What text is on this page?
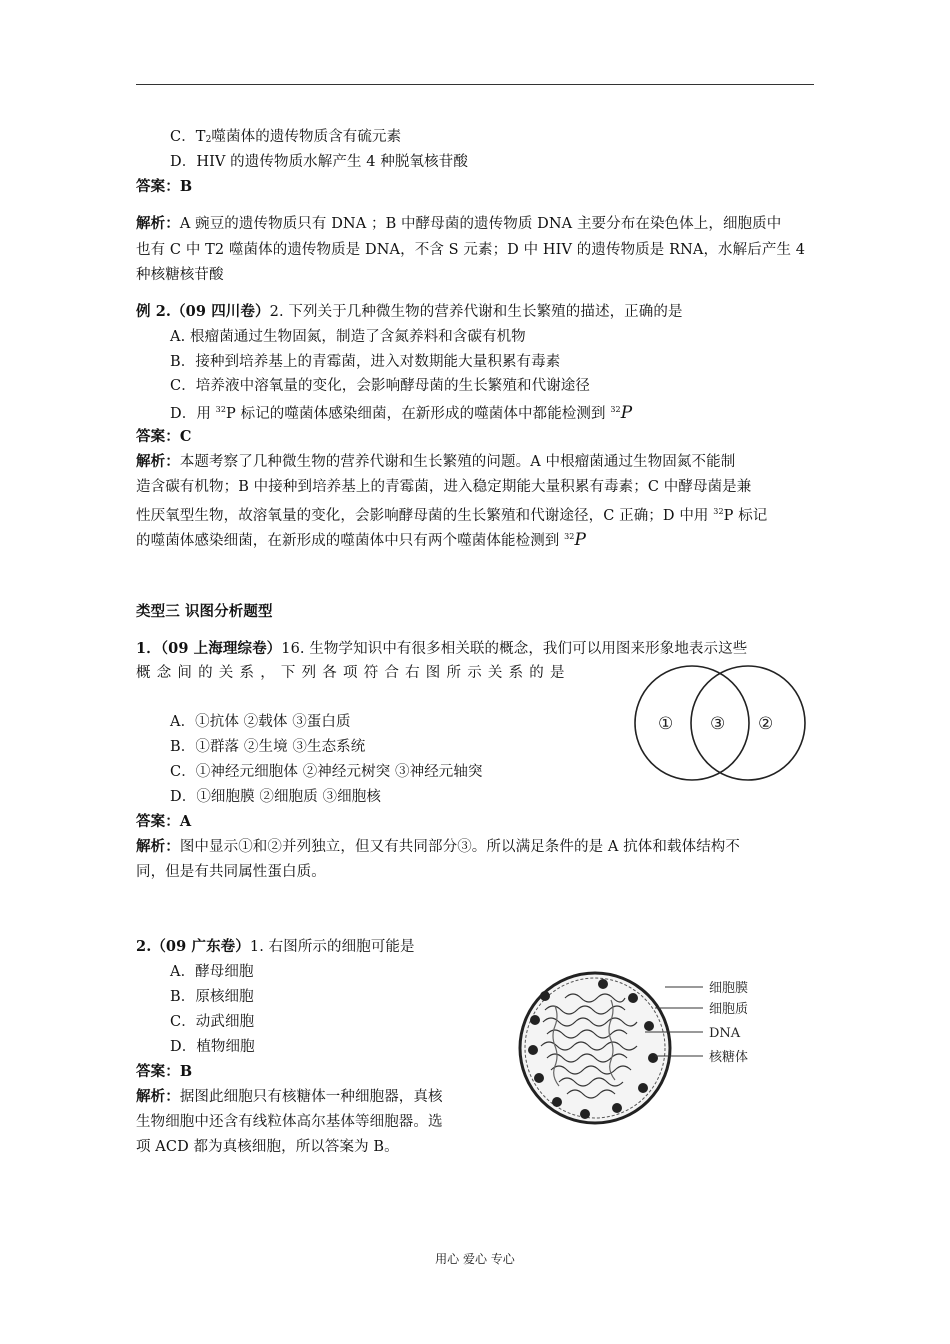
C．T2噬菌体的遗传物质含有硫元素
D．HIV 的遗传物质水解产生 4 种脱氧核苷酸
答案：B
解析：A 豌豆的遗传物质只有 DNA ；B 中酵母菌的遗传物质 DNA 主要分布在染色体上，细胞质中
也有 C 中 T2 噬菌体的遗传物质是 DNA，不含 S 元素；D 中 HIV 的遗传物质是 RNA，水解后产生 4
种核糖核苷酸
例 2.（09 四川卷）2. 下列关于几种微生物的营养代谢和生长繁殖的描述，正确的是
A. 根瘤菌通过生物固氮，制造了含氮养料和含碳有机物
B．接种到培养基上的青霉菌，进入对数期能大量积累有毒素
C．培养液中溶氧量的变化，会影响酵母菌的生长繁殖和代谢途径
D．用 $^{32}$P 标记的噬菌体感染细菌，在新形成的噬菌体中都能检测到 $^{32}$P
答案：C
解析：本题考察了几种微生物的营养代谢和生长繁殖的问题。A 中根瘤菌通过生物固氮不能制
造含碳有机物；B 中接种到培养基上的青霉菌，进入稳定期能大量积累有毒素；C 中酵母菌是兼
性厌氧型生物，故溶氧量的变化，会影响酵母菌的生长繁殖和代谢途径，C 正确；D 中用 $^{32}$P 标记
的噬菌体感染细菌，在新形成的噬菌体中只有两个噬菌体能检测到 $^{32}$P
类型三 识图分析题型
1．（09 上海理综卷）16. 生物学知识中有很多相关联的概念，我们可以用图来形象地表示这些
概念间的关系，下列各项符合右图所示关系的是
① ③ ②
A．①抗体 ②载体 ③蛋白质
B．①群落 ②生境 ③生态系统
C．①神经元细胞体 ②神经元树突 ③神经元轴突
D．①细胞膜 ②细胞质 ③细胞核
答案：A
解析：图中显示①和②并列独立，但又有共同部分③。所以满足条件的是 A 抗体和载体结构不
同，但是有共同属性蛋白质。
2.（09 广东卷）1. 右图所示的细胞可能是
A．酵母细胞
B．原核细胞
C．动武细胞
D．植物细胞
答案：B
解析：据图此细胞只有核糖体一种细胞器，真核
生物细胞中还含有线粒体高尔基体等细胞器。选
项 ACD 都为真核细胞，所以答案为 B。
细胞膜
细胞质
DNA
核糖体
用心 爱心 专心
